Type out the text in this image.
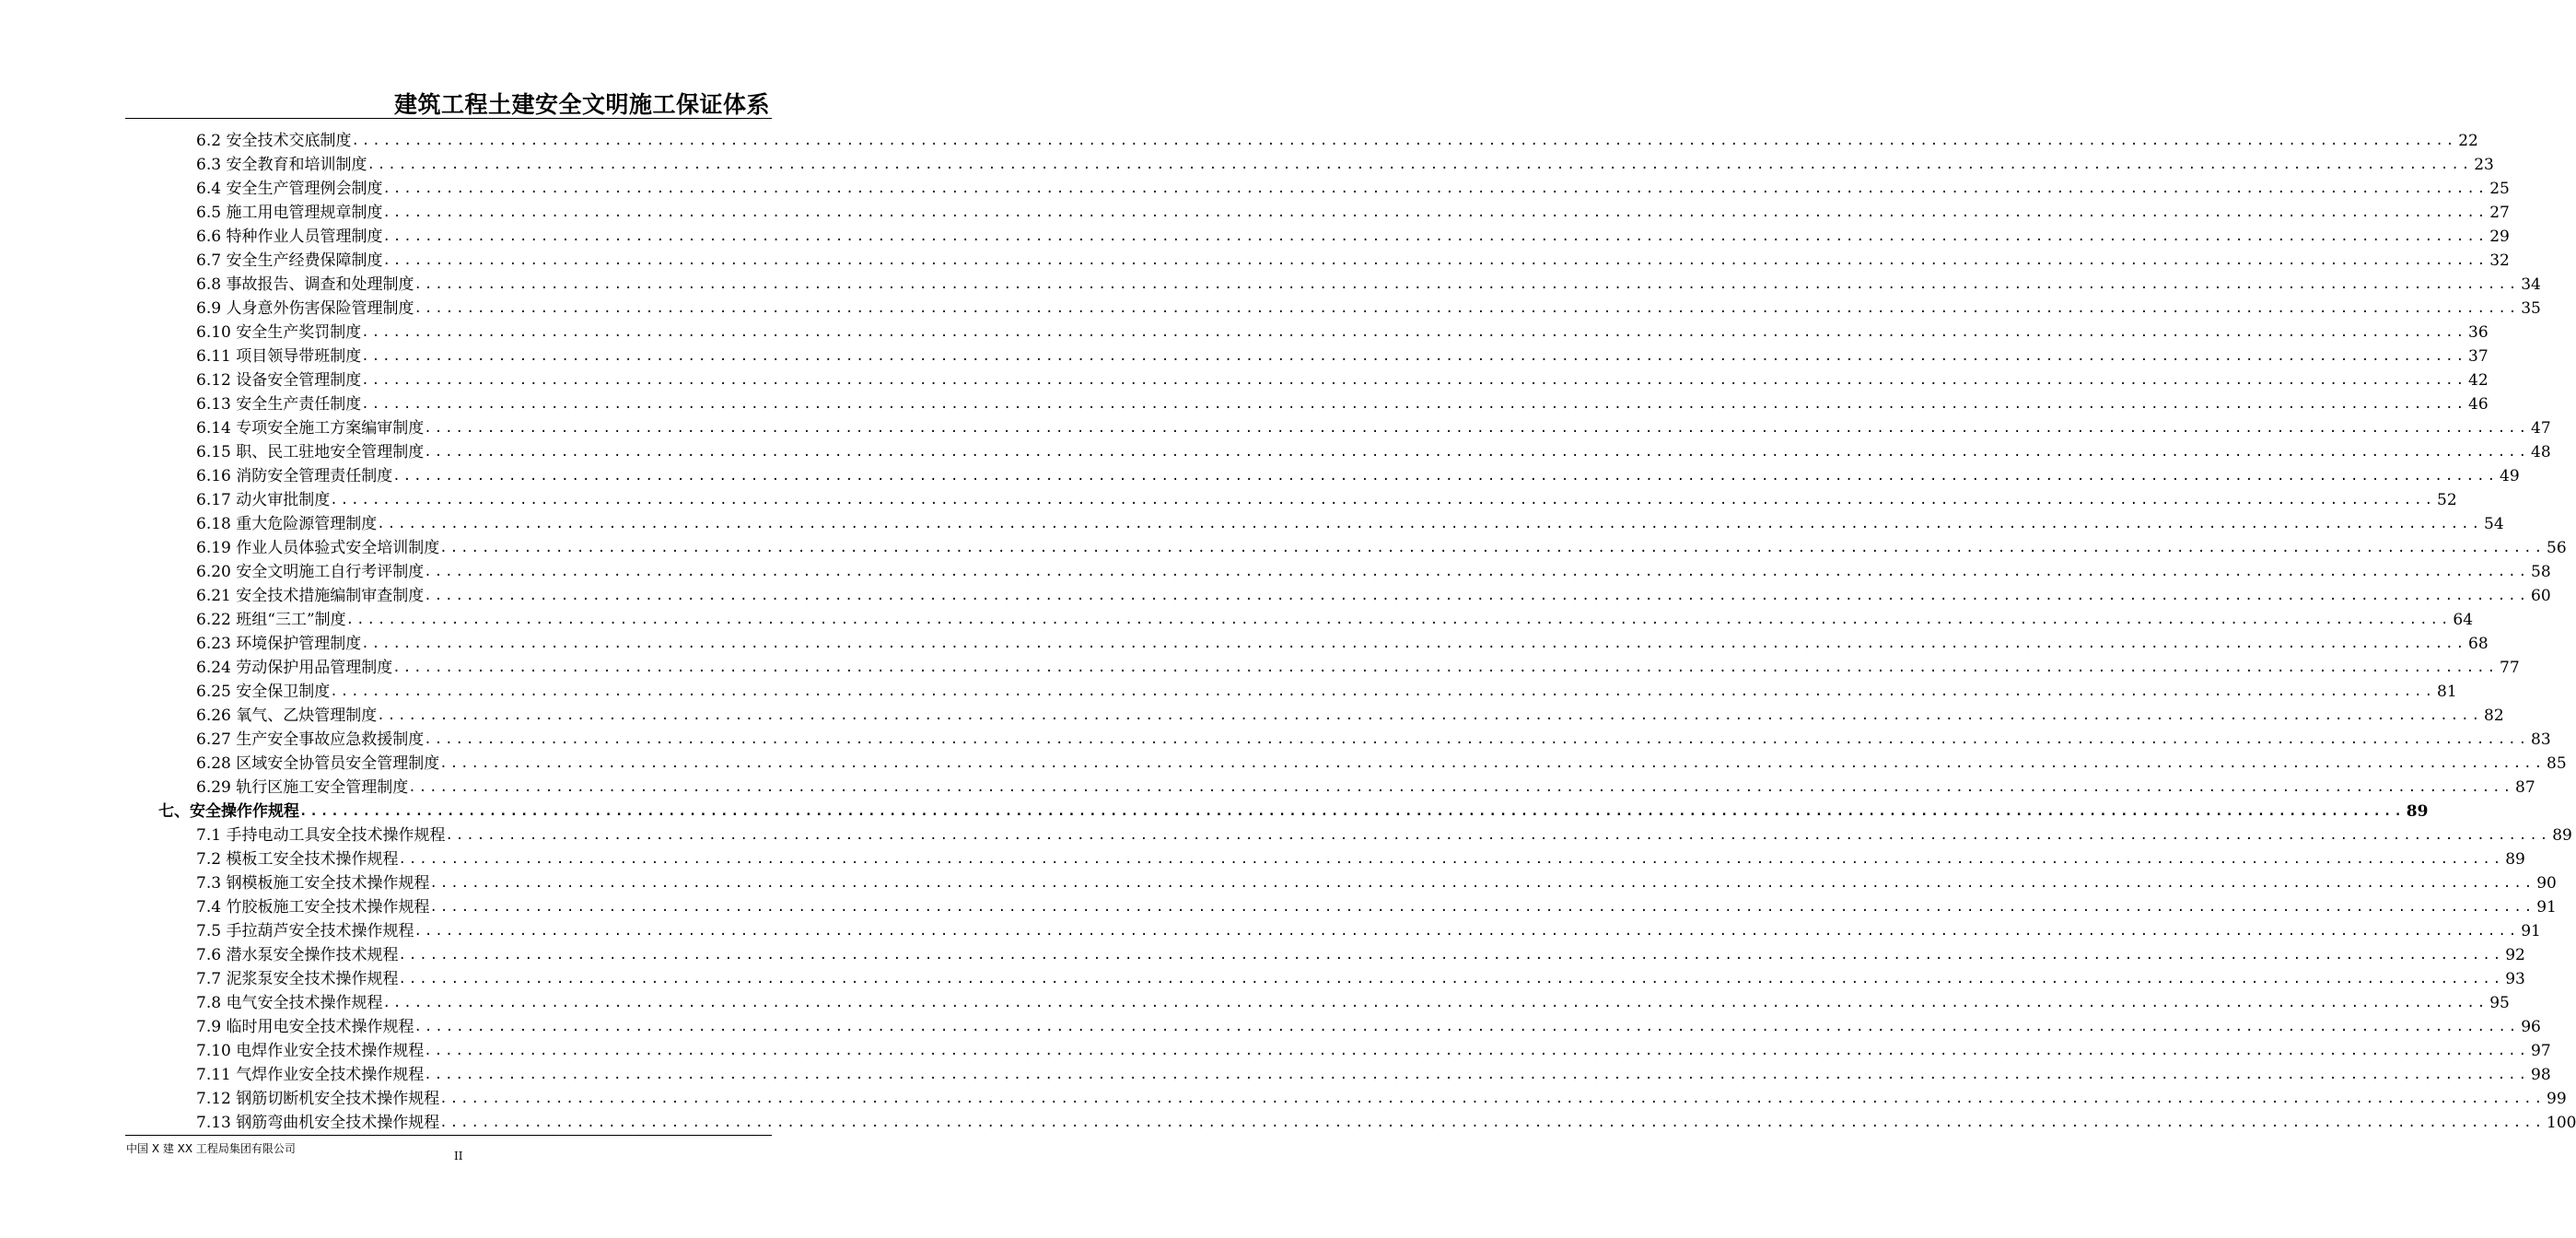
建筑工程土建安全文明施工保证体系
6.2 安全技术交底制度 ........................................................................................................................................................................................................ 22
6.3 安全教育和培训制度 ........................................................................................................................................................................................................ 23
6.4 安全生产管理例会制度 ........................................................................................................................................................................................................ 25
6.5 施工用电管理规章制度 ........................................................................................................................................................................................................ 27
6.6 特种作业人员管理制度 ........................................................................................................................................................................................................ 29
6.7 安全生产经费保障制度 ........................................................................................................................................................................................................ 32
6.8 事故报告、调查和处理制度 ........................................................................................................................................................................................................ 34
6.9 人身意外伤害保险管理制度 ........................................................................................................................................................................................................ 35
6.10 安全生产奖罚制度 ........................................................................................................................................................................................................ 36
6.11 项目领导带班制度 ........................................................................................................................................................................................................ 37
6.12 设备安全管理制度 ........................................................................................................................................................................................................ 42
6.13 安全生产责任制度 ........................................................................................................................................................................................................ 46
6.14 专项安全施工方案编审制度 ........................................................................................................................................................................................................ 47
6.15 职、民工驻地安全管理制度 ........................................................................................................................................................................................................ 48
6.16 消防安全管理责任制度 ........................................................................................................................................................................................................ 49
6.17 动火审批制度 ........................................................................................................................................................................................................ 52
6.18 重大危险源管理制度 ........................................................................................................................................................................................................ 54
6.19 作业人员体验式安全培训制度 ........................................................................................................................................................................................................ 56
6.20 安全文明施工自行考评制度 ........................................................................................................................................................................................................ 58
6.21 安全技术措施编制审查制度 ........................................................................................................................................................................................................ 60
6.22 班组“三工”制度 ........................................................................................................................................................................................................ 64
6.23 环境保护管理制度 ........................................................................................................................................................................................................ 68
6.24 劳动保护用品管理制度 ........................................................................................................................................................................................................ 77
6.25 安全保卫制度 ........................................................................................................................................................................................................ 81
6.26 氧气、乙炔管理制度 ........................................................................................................................................................................................................ 82
6.27 生产安全事故应急救援制度 ........................................................................................................................................................................................................ 83
6.28 区域安全协管员安全管理制度 ........................................................................................................................................................................................................ 85
6.29 轨行区施工安全管理制度 ........................................................................................................................................................................................................ 87
七、安全操作作规程 ........................................................................................................................................................................................................ 89
7.1 手持电动工具安全技术操作规程 ........................................................................................................................................................................................................ 89
7.2 模板工安全技术操作规程 ........................................................................................................................................................................................................ 89
7.3 钢模板施工安全技术操作规程 ........................................................................................................................................................................................................ 90
7.4 竹胶板施工安全技术操作规程 ........................................................................................................................................................................................................ 91
7.5 手拉葫芦安全技术操作规程 ........................................................................................................................................................................................................ 91
7.6 潜水泵安全操作技术规程 ........................................................................................................................................................................................................ 92
7.7 泥浆泵安全技术操作规程 ........................................................................................................................................................................................................ 93
7.8 电气安全技术操作规程 ........................................................................................................................................................................................................ 95
7.9 临时用电安全技术操作规程 ........................................................................................................................................................................................................ 96
7.10 电焊作业安全技术操作规程 ........................................................................................................................................................................................................ 97
7.11 气焊作业安全技术操作规程 ........................................................................................................................................................................................................ 98
7.12 钢筋切断机安全技术操作规程 ........................................................................................................................................................................................................ 99
7.13 钢筋弯曲机安全技术操作规程 ........................................................................................................................................................................................................ 100
中国 X 建 XX 工程局集团有限公司
II
